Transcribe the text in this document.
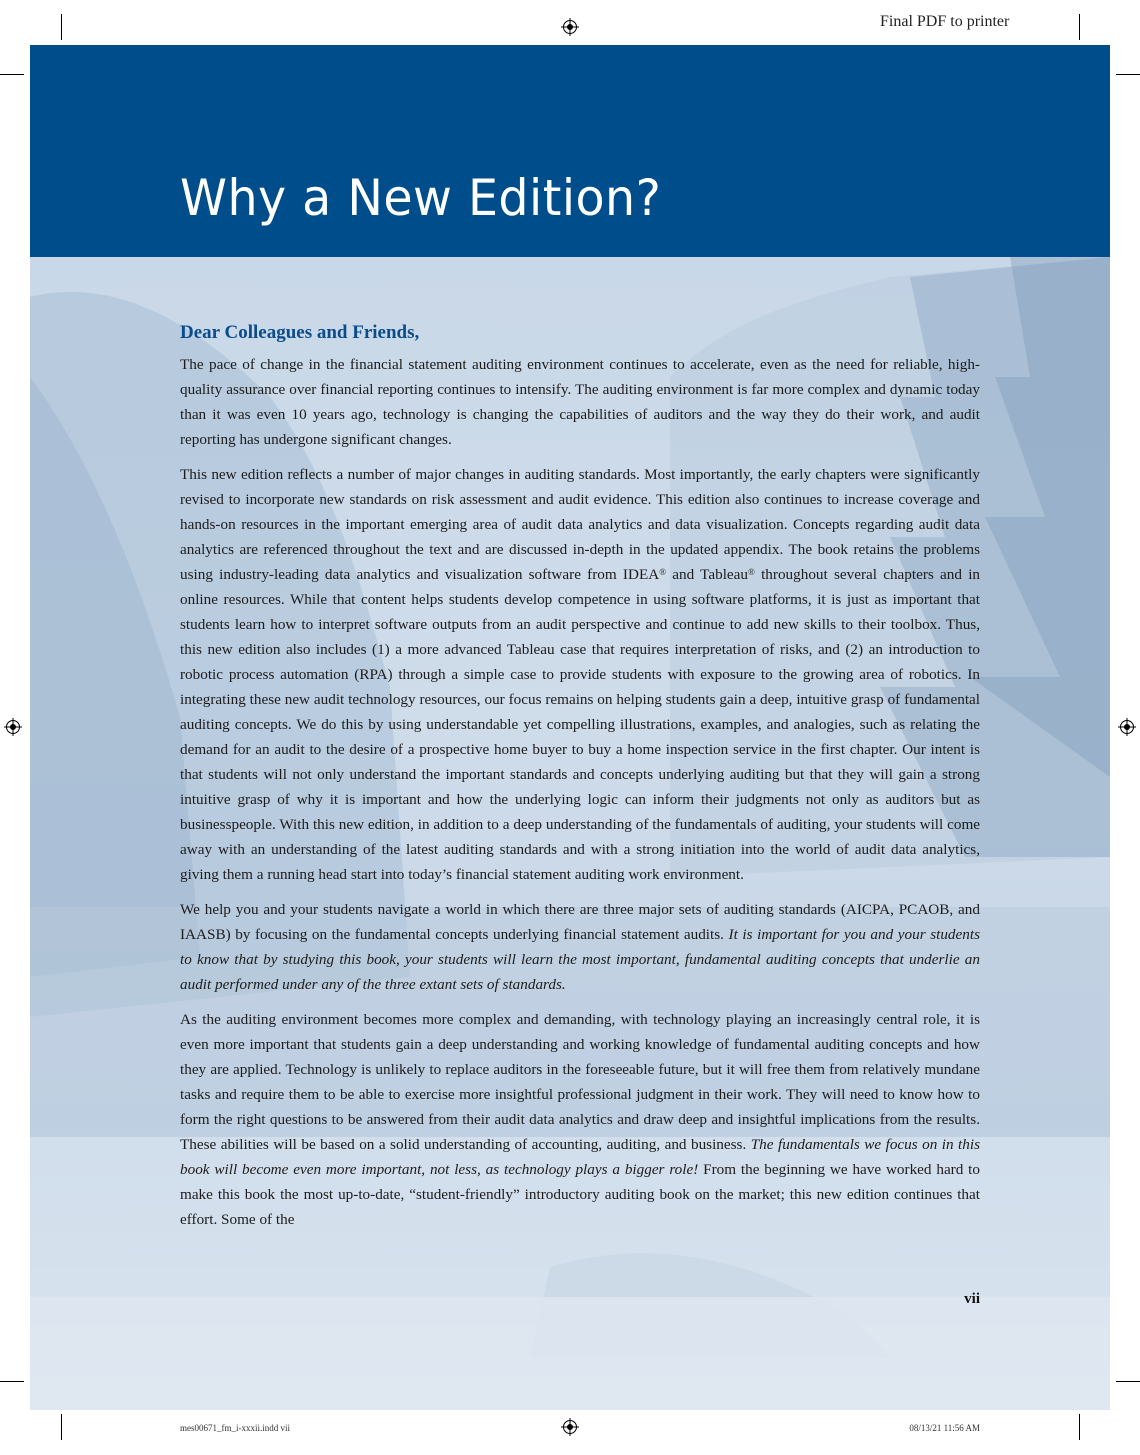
Final PDF to printer
Why a New Edition?
Dear Colleagues and Friends,

The pace of change in the financial statement auditing environment continues to accelerate, even as the need for reliable, high-quality assurance over financial reporting continues to intensify. The auditing environment is far more complex and dynamic today than it was even 10 years ago, technology is changing the capabilities of auditors and the way they do their work, and audit reporting has undergone significant changes.

This new edition reflects a number of major changes in auditing standards. Most importantly, the early chapters were significantly revised to incorporate new standards on risk assessment and audit evidence. This edition also continues to increase coverage and hands-on resources in the important emerging area of audit data analytics and data visualization. Concepts regarding audit data analytics are referenced throughout the text and are discussed in-depth in the updated appendix. The book retains the problems using industry-leading data analytics and visualization software from IDEA® and Tableau® throughout several chapters and in online resources. While that content helps students develop competence in using software platforms, it is just as important that students learn how to interpret software outputs from an audit perspective and continue to add new skills to their toolbox. Thus, this new edition also includes (1) a more advanced Tableau case that requires interpretation of risks, and (2) an introduction to robotic process automation (RPA) through a simple case to provide students with exposure to the growing area of robotics. In integrating these new audit technology resources, our focus remains on helping students gain a deep, intuitive grasp of fundamental auditing concepts. We do this by using understandable yet compelling illustrations, examples, and analogies, such as relating the demand for an audit to the desire of a prospective home buyer to buy a home inspection service in the first chapter. Our intent is that students will not only understand the important standards and concepts underlying auditing but that they will gain a strong intuitive grasp of why it is important and how the underlying logic can inform their judgments not only as auditors but as businesspeople. With this new edition, in addition to a deep understanding of the fundamentals of auditing, your students will come away with an understanding of the latest auditing standards and with a strong initiation into the world of audit data analytics, giving them a running head start into today’s financial statement auditing work environment.

We help you and your students navigate a world in which there are three major sets of auditing standards (AICPA, PCAOB, and IAASB) by focusing on the fundamental concepts underlying financial statement audits. It is important for you and your students to know that by studying this book, your students will learn the most important, fundamental auditing concepts that underlie an audit performed under any of the three extant sets of standards.

As the auditing environment becomes more complex and demanding, with technology playing an increasingly central role, it is even more important that students gain a deep understanding and working knowledge of fundamental auditing concepts and how they are applied. Technology is unlikely to replace auditors in the foreseeable future, but it will free them from relatively mundane tasks and require them to be able to exercise more insightful professional judgment in their work. They will need to know how to form the right questions to be answered from their audit data analytics and draw deep and insightful implications from the results. These abilities will be based on a solid understanding of accounting, auditing, and business. The fundamentals we focus on in this book will become even more important, not less, as technology plays a bigger role! From the beginning we have worked hard to make this book the most up-to-date, “student-friendly” introductory auditing book on the market; this new edition continues that effort. Some of the

vii
mes00671_fm_i-xxxii.indd vii	08/13/21 11:56 AM
